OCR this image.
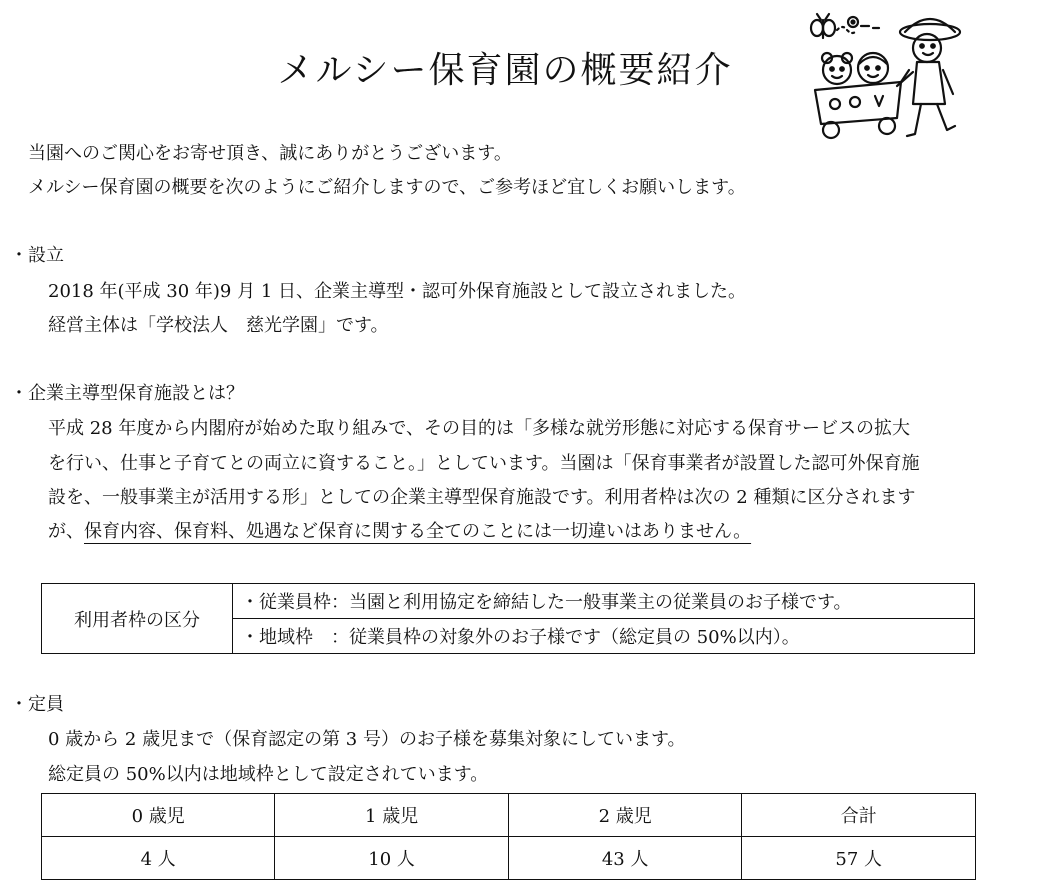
メルシー保育園の概要紹介
当園へのご関心をお寄せ頂き、誠にありがとうございます。
メルシー保育園の概要を次のようにご紹介しますので、ご参考ほど宜しくお願いします。
・設立
2018 年(平成 30 年)9 月 1 日、企業主導型・認可外保育施設として設立されました。
経営主体は「学校法人　慈光学園」です。
・企業主導型保育施設とは？
平成 28 年度から内閣府が始めた取り組みで、その目的は「多様な就労形態に対応する保育サービスの拡大
を行い、仕事と子育てとの両立に資すること。」としています。当園は「保育事業者が設置した認可外保育施
設を、一般事業主が活用する形」としての企業主導型保育施設です。利用者枠は次の 2 種類に区分されます
が、保育内容、保育料、処遇など保育に関する全てのことには一切違いはありません。
利用者枠の区分	・従業員枠：当園と利用協定を締結した一般事業主の従業員のお子様です。
・地域枠　：従業員枠の対象外のお子様です（総定員の 50%以内）。
・定員
0 歳から 2 歳児まで（保育認定の第 3 号）のお子様を募集対象にしています。
総定員の 50%以内は地域枠として設定されています。
0 歳児	1 歳児	2 歳児	合計
4 人	10 人	43 人	57 人
